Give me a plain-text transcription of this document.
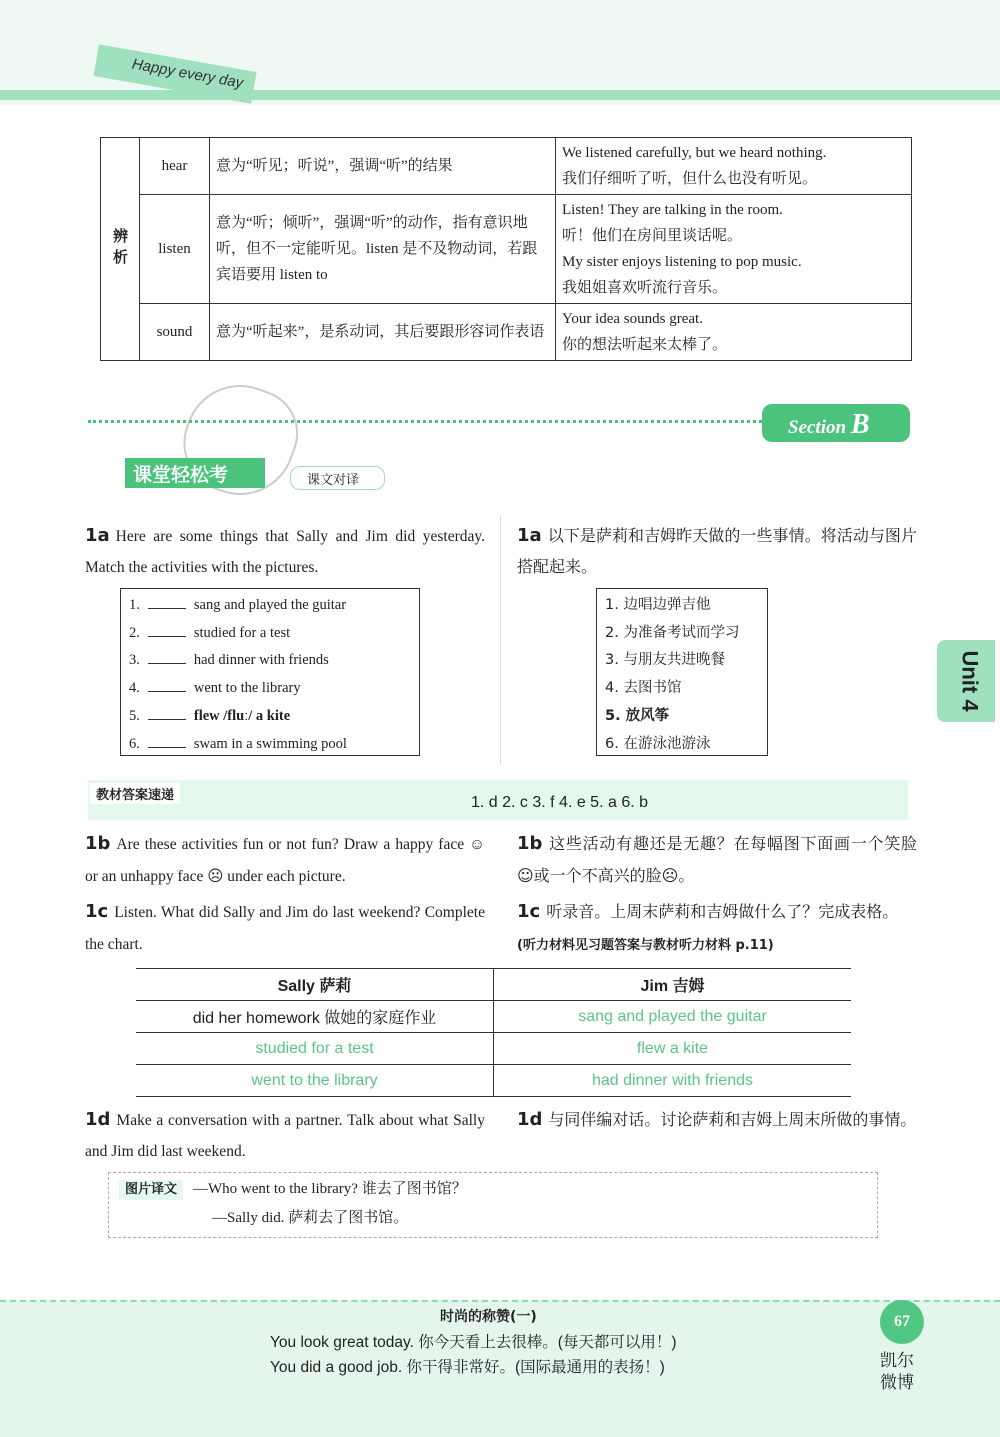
Happy every day
辨析	hear	意为“听见；听说”，强调“听”的结果	We listened carefully, but we heard nothing.
我们仔细听了听，但什么也没有听见。

	listen	意为“听；倾听”，强调“听”的动作，指有意识地听，但不一定能听见。listen 是不及物动词，若跟宾语要用 listen to	Listen! They are talking in the room.
听！他们在房间里谈话呢。
My sister enjoys listening to pop music.
我姐姐喜欢听流行音乐。

	sound	意为“听起来”，是系动词，其后要跟形容词作表语	Your idea sounds great.
你的想法听起来太棒了。
Section B
课堂轻松考	课文对译
1a Here are some things that Sally and Jim did yesterday. Match the activities with the pictures.
1a 以下是萨莉和吉姆昨天做的一些事情。将活动与图片搭配起来。
1.	sang and played the guitar
2.	studied for a test
3.	had dinner with friends
4.	went to the library
5.	flew /fluː/ a kite
6.	swam in a swimming pool
1. 边唱边弹吉他
2. 为准备考试而学习
3. 与朋友共进晚餐
4. 去图书馆
5. 放风筝
6. 在游泳池游泳
教材答案速递	1. d 2. c 3. f 4. e 5. a 6. b
1b Are these activities fun or not fun? Draw a happy face ☺ or an unhappy face ☹ under each picture.
1b 这些活动有趣还是无趣？在每幅图下面画一个笑脸☺或一个不高兴的脸☹。
1c Listen. What did Sally and Jim do last weekend? Complete the chart.
1c 听录音。上周末萨莉和吉姆做什么了？完成表格。(听力材料见习题答案与教材听力材料 p.11)
Sally 萨莉	Jim 吉姆
did her homework 做她的家庭作业	sang and played the guitar
studied for a test	flew a kite
went to the library	had dinner with friends
1d Make a conversation with a partner. Talk about what Sally and Jim did last weekend.
1d 与同伴编对话。讨论萨莉和吉姆上周末所做的事情。
图片译文 —Who went to the library? 谁去了图书馆？
—Sally did. 萨莉去了图书馆。
Unit 4
时尚的称赞(一)
You look great today. 你今天看上去很棒。(每天都可以用！)
You did a good job. 你干得非常好。(国际最通用的表扬！)
67
凯尔微博
